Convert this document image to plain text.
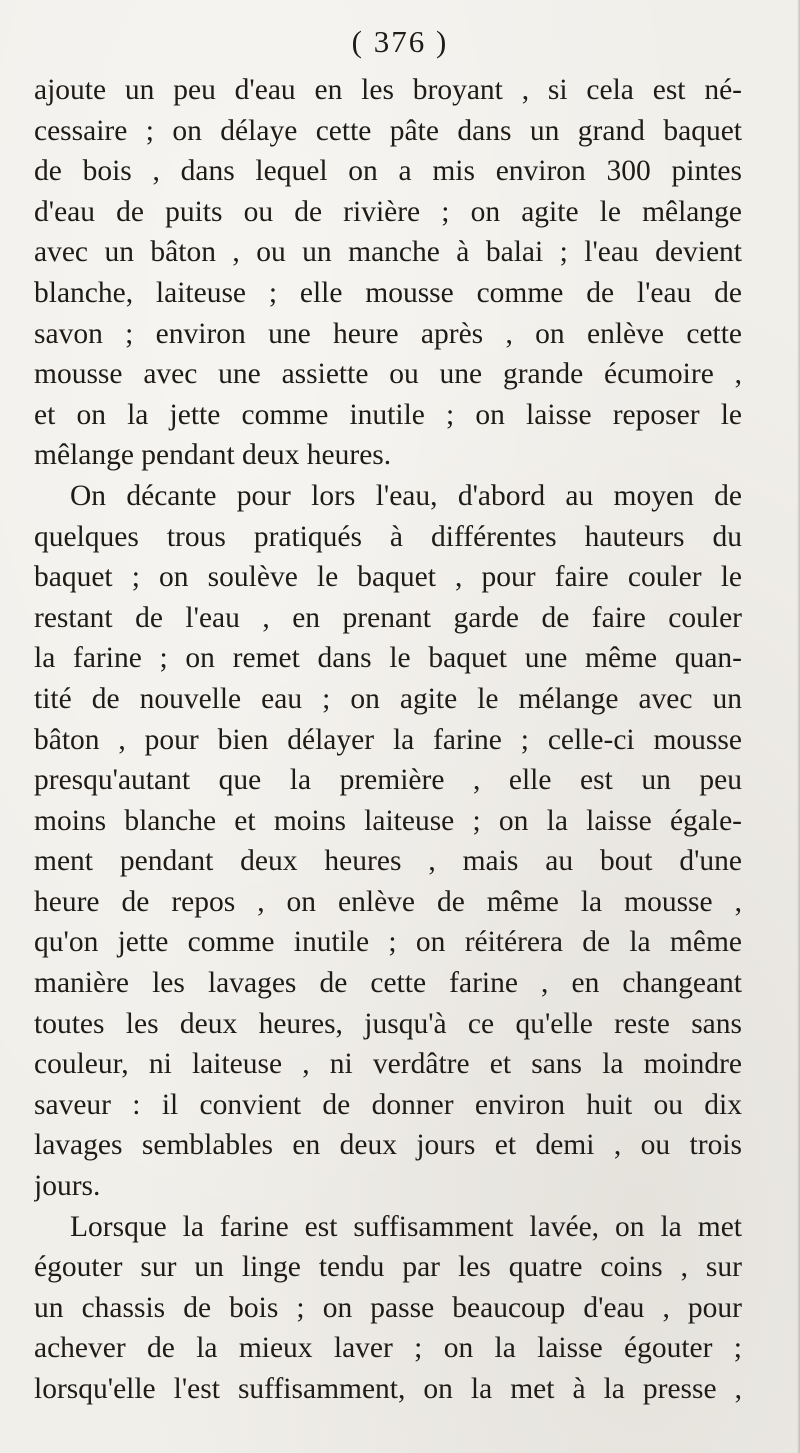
( 376 )
ajoute un peu d'eau en les broyant , si cela est né-
cessaire ; on délaye cette pâte dans un grand baquet
de bois , dans lequel on a mis environ 300 pintes
d'eau de puits ou de rivière ; on agite le mêlange
avec un bâton , ou un manche à balai ; l'eau devient
blanche, laiteuse ; elle mousse comme de l'eau de
savon ; environ une heure après , on enlève cette
mousse avec une assiette ou une grande écumoire ,
et on la jette comme inutile ; on laisse reposer le
mêlange pendant deux heures.
On décante pour lors l'eau, d'abord au moyen de
quelques trous pratiqués à différentes hauteurs du
baquet ; on soulève le baquet , pour faire couler le
restant de l'eau , en prenant garde de faire couler
la farine ; on remet dans le baquet une même quan-
tité de nouvelle eau ; on agite le mélange avec un
bâton , pour bien délayer la farine ; celle-ci mousse
presqu'autant que la première , elle est un peu
moins blanche et moins laiteuse ; on la laisse égale-
ment pendant deux heures , mais au bout d'une
heure de repos , on enlève de même la mousse ,
qu'on jette comme inutile ; on réitérera de la même
manière les lavages de cette farine , en changeant
toutes les deux heures, jusqu'à ce qu'elle reste sans
couleur, ni laiteuse , ni verdâtre et sans la moindre
saveur : il convient de donner environ huit ou dix
lavages semblables en deux jours et demi , ou trois
jours.
Lorsque la farine est suffisamment lavée, on la met
égouter sur un linge tendu par les quatre coins , sur
un chassis de bois ; on passe beaucoup d'eau , pour
achever de la mieux laver ; on la laisse égouter ;
lorsqu'elle l'est suffisamment, on la met à la presse ,
